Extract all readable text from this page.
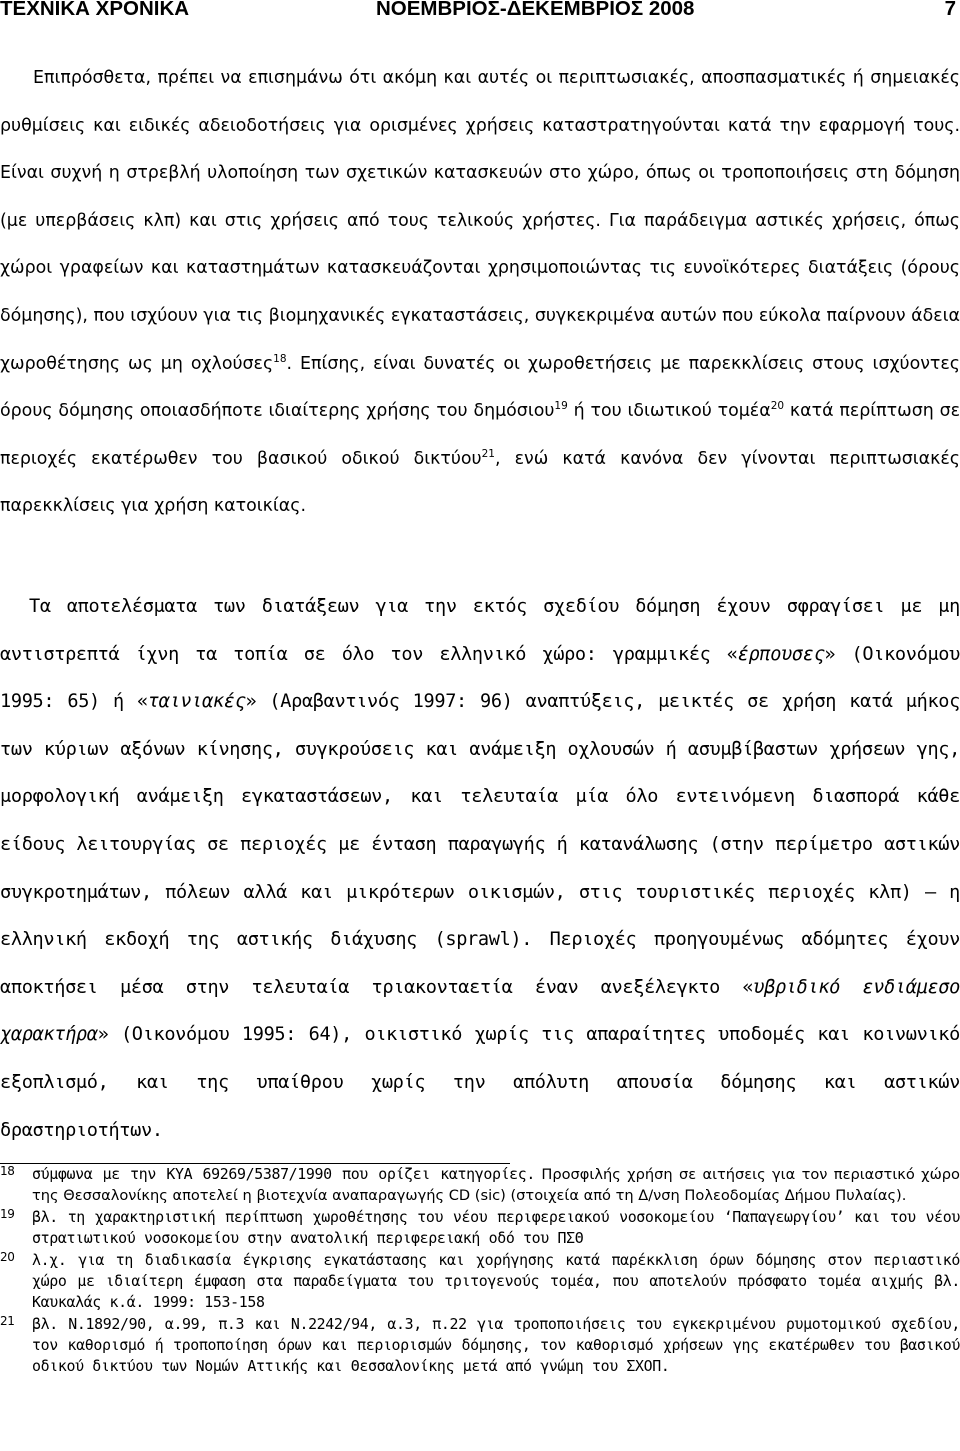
ΤΕΧΝΙΚΑ ΧΡΟΝΙΚΑ	ΝΟΕΜΒΡΙΟΣ-ΔΕΚΕΜΒΡΙΟΣ 2008	7

Επιπρόσθετα, πρέπει να επισημάνω ότι ακόμη και αυτές οι περιπτωσιακές, αποσπασματικές ή σημειακές ρυθμίσεις και ειδικές αδειοδοτήσεις για ορισμένες χρήσεις καταστρατηγούνται κατά την εφαρμογή τους. Είναι συχνή η στρεβλή υλοποίηση των σχετικών κατασκευών στο χώρο, όπως οι τροποποιήσεις στη δόμηση (με υπερβάσεις κλπ) και στις χρήσεις από τους τελικούς χρήστες. Για παράδειγμα αστικές χρήσεις, όπως χώροι γραφείων και καταστημάτων κατασκευάζονται χρησιμοποιώντας τις ευνοϊκότερες διατάξεις (όρους δόμησης), που ισχύουν για τις βιομηχανικές εγκαταστάσεις, συγκεκριμένα αυτών που εύκολα παίρνουν άδεια χωροθέτησης ως μη οχλούσες$^{18}$. Επίσης, είναι δυνατές οι χωροθετήσεις με παρεκκλίσεις στους ισχύοντες όρους δόμησης οποιασδήποτε ιδιαίτερης χρήσης του δημόσιου$^{19}$ ή του ιδιωτικού τομέα$^{20}$ κατά περίπτωση σε περιοχές εκατέρωθεν του βασικού οδικού δικτύου$^{21}$, ενώ κατά κανόνα δεν γίνονται περιπτωσιακές παρεκκλίσεις για χρήση κατοικίας.

Τα αποτελέσματα των διατάξεων για την εκτός σχεδίου δόμηση έχουν σφραγίσει με μη αντιστρεπτά ίχνη τα τοπία σε όλο τον ελληνικό χώρο: γραμμικές «έρπουσες» (Οικονόμου 1995: 65) ή «ταινιακές» (Αραβαντινός 1997: 96) αναπτύξεις, μεικτές σε χρήση κατά μήκος των κύριων αξόνων κίνησης, συγκρούσεις και ανάμειξη οχλουσών ή ασυμβίβαστων χρήσεων γης, μορφολογική ανάμειξη εγκαταστάσεων, και τελευταία μία όλο εντεινόμενη διασπορά κάθε είδους λειτουργίας σε περιοχές με ένταση παραγωγής ή κατανάλωσης (στην περίμετρο αστικών συγκροτημάτων, πόλεων αλλά και μικρότερων οικισμών, στις τουριστικές περιοχές κλπ) — η ελληνική εκδοχή της αστικής διάχυσης (sprawl). Περιοχές προηγουμένως αδόμητες έχουν αποκτήσει μέσα στην τελευταία τριακονταετία έναν ανεξέλεγκτο «υβριδικό ενδιάμεσο χαρακτήρα» (Οικονόμου 1995: 64), οικιστικό χωρίς τις απαραίτητες υποδομές και κοινωνικό εξοπλισμό, και της υπαίθρου χωρίς την απόλυτη απουσία δόμησης και αστικών δραστηριοτήτων.

18 σύμφωνα με την ΚΥΑ 69269/5387/1990 που ορίζει κατηγορίες. Προσφιλής χρήση σε αιτήσεις για τον περιαστικό χώρο της Θεσσαλονίκης αποτελεί η βιοτεχνία αναπαραγωγής CD (sic) (στοιχεία από τη Δ/νση Πολεοδομίας Δήμου Πυλαίας).
19 βλ. τη χαρακτηριστική περίπτωση χωροθέτησης του νέου περιφερειακού νοσοκομείου ‘Παπαγεωργίου’ και του νέου στρατιωτικού νοσοκομείου στην ανατολική περιφερειακή οδό του ΠΣΘ
20 λ.χ. για τη διαδικασία έγκρισης εγκατάστασης και χορήγησης κατά παρέκκλιση όρων δόμησης στον περιαστικό χώρο με ιδιαίτερη έμφαση στα παραδείγματα του τριτογενούς τομέα, που αποτελούν πρόσφατο τομέα αιχμής βλ. Καυκαλάς κ.ά. 1999: 153-158
21 βλ. Ν.1892/90, α.99, π.3 και Ν.2242/94, α.3, π.22 για τροποποιήσεις του εγκεκριμένου ρυμοτομικού σχεδίου, τον καθορισμό ή τροποποίηση όρων και περιορισμών δόμησης, τον καθορισμό χρήσεων γης εκατέρωθεν του βασικού οδικού δικτύου των Νομών Αττικής και Θεσσαλονίκης μετά από γνώμη του ΣΧΟΠ.
